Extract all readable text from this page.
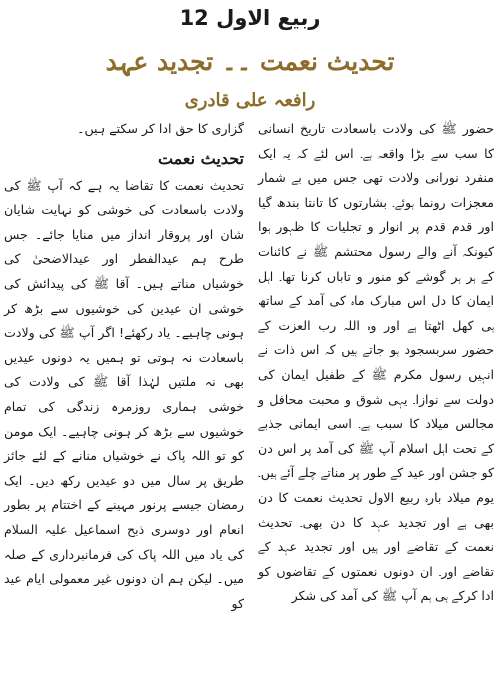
12 ربیع الاول
تحدیث نعمت ۔۔ تجدید عہد
رافعہ علی قادری

حضور ﷺ کی ولادت باسعادت تاریخ انسانی کا سب سے بڑا واقعہ ہے۔ اس لئے کہ یہ ایک منفرد نورانی ولادت تھی جس میں بے شمار معجزات رونما ہوئے۔ بشارتوں کا تانتا بندھ گیا اور قدم قدم پر انوار و تجلیات کا ظہور ہوا کیونکہ آنے والے رسول محتشم ﷺ نے کائنات کے ہر ہر گوشے کو منور و تاباں کرنا تھا۔ اہل ایمان کا دل اس مبارک ماہ کی آمد کے ساتھ ہی کھل اٹھتا ہے اور وہ اللہ رب العزت کے حضور سربسجود ہو جاتے ہیں کہ اس ذات نے انہیں رسول مکرم ﷺ کے طفیل ایمان کی دولت سے نوازا۔ یہی شوق و محبت محافل و مجالس میلاد کا سبب ہے۔ اسی ایمانی جذبے کے تحت اہل اسلام آپ ﷺ کی آمد پر اس دن کو جشن اور عید کے طور پر مناتے چلے آئے ہیں۔ یوم میلاد بارہ ربیع الاول تحدیث نعمت کا دن بھی ہے اور تجدید عہد کا دن بھی۔ تحدیث نعمت کے تقاضے اور ہیں اور تجدید عہد کے تقاضے اور۔ ان دونوں نعمتوں کے تقاضوں کو ادا کرکے ہی ہم آپ ﷺ کی آمد کی شکر

گزاری کا حق ادا کر سکتے ہیں۔

تحدیث نعمت

تحدیث نعمت کا تقاضا یہ ہے کہ آپ ﷺ کی ولادت باسعادت کی خوشی کو نہایت شایان شان اور پروقار انداز میں منایا جائے۔ جس طرح ہم عیدالفطر اور عیدالاضحیٰ کی خوشیاں مناتے ہیں۔ آقا ﷺ کی پیدائش کی خوشی ان عیدین کی خوشیوں سے بڑھ کر ہونی چاہیے۔ یاد رکھئے! اگر آپ ﷺ کی ولادت باسعادت نہ ہوتی تو ہمیں یہ دونوں عیدیں بھی نہ ملتیں لہٰذا آقا ﷺ کی ولادت کی خوشی ہماری روزمرہ زندگی کی تمام خوشیوں سے بڑھ کر ہونی چاہیے۔ ایک مومن کو تو اللہ پاک نے خوشیاں منانے کے لئے جائز طریق پر سال میں دو عیدیں رکھ دیں۔ ایک رمضان جیسے پرنور مہینے کے اختتام پر بطور انعام اور دوسری ذبح اسماعیل علیہ السلام کی یاد میں اللہ پاک کی فرمانبرداری کے صلہ میں۔ لیکن ہم ان دونوں غیر معمولی ایام عید کو
